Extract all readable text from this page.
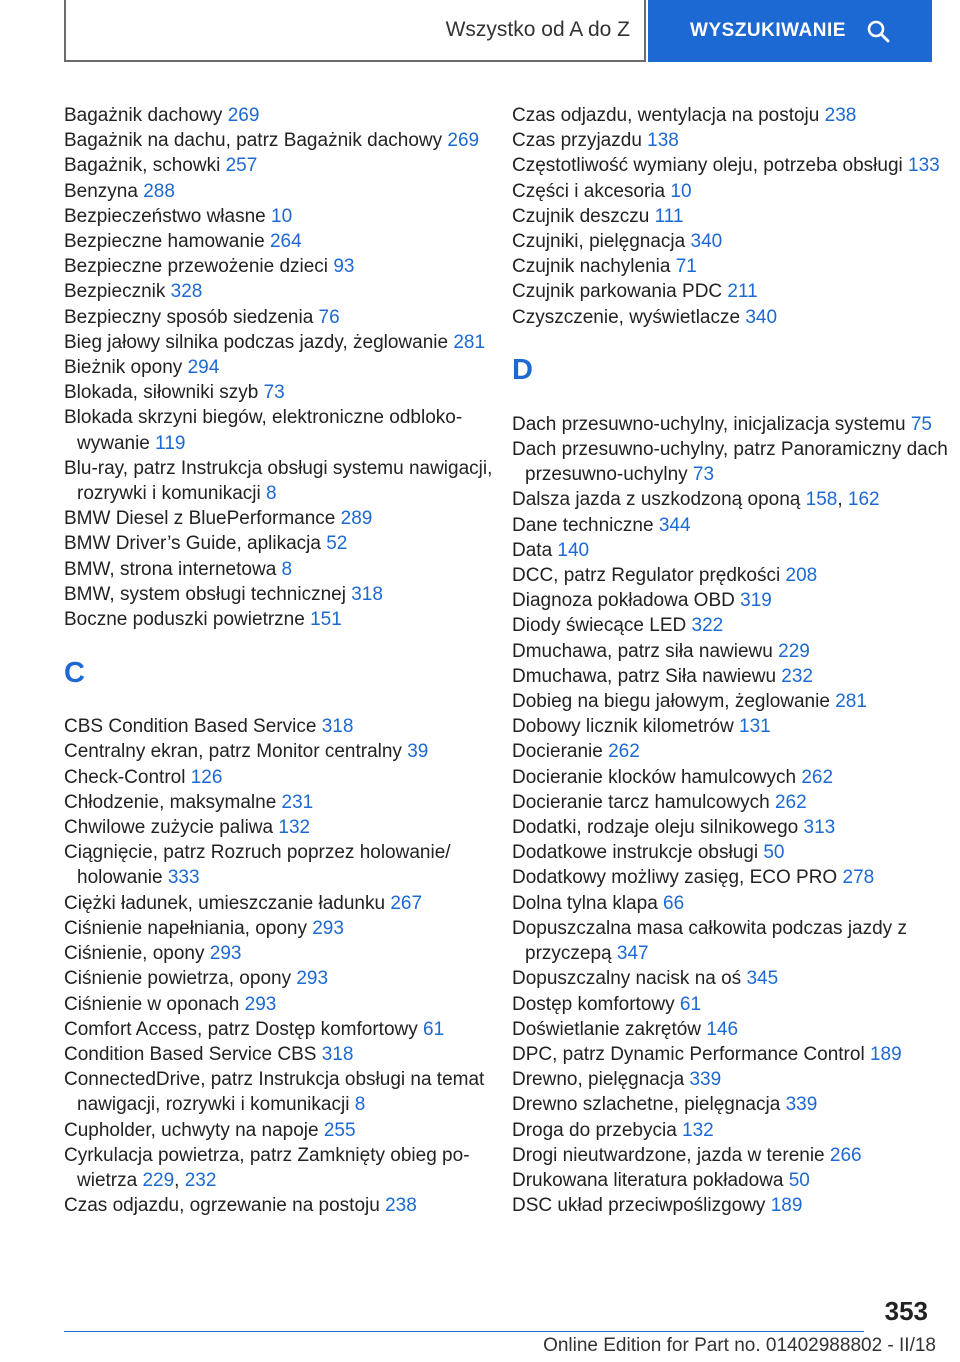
Wszystko od A do Z	WYSZUKIWANIE
Bagażnik dachowy 269
Bagażnik na dachu, patrz Bagażnik dachowy 269
Bagażnik, schowki 257
Benzyna 288
Bezpieczeństwo własne 10
Bezpieczne hamowanie 264
Bezpieczne przewożenie dzieci 93
Bezpiecznik 328
Bezpieczny sposób siedzenia 76
Bieg jałowy silnika podczas jazdy, żeglowanie 281
Bieżnik opony 294
Blokada, siłowniki szyb 73
Blokada skrzyni biegów, elektroniczne odblokowywanie 119
Blu-ray, patrz Instrukcja obsługi systemu nawigacji, rozrywki i komunikacji 8
BMW Diesel z BluePerformance 289
BMW Driver’s Guide, aplikacja 52
BMW, strona internetowa 8
BMW, system obsługi technicznej 318
Boczne poduszki powietrzne 151
C
CBS Condition Based Service 318
Centralny ekran, patrz Monitor centralny 39
Check-Control 126
Chłodzenie, maksymalne 231
Chwilowe zużycie paliwa 132
Ciągnięcie, patrz Rozruch poprzez holowanie/ holowanie 333
Ciężki ładunek, umieszczanie ładunku 267
Ciśnienie napełniania, opony 293
Ciśnienie, opony 293
Ciśnienie powietrza, opony 293
Ciśnienie w oponach 293
Comfort Access, patrz Dostęp komfortowy 61
Condition Based Service CBS 318
ConnectedDrive, patrz Instrukcja obsługi na temat nawigacji, rozrywki i komunikacji 8
Cupholder, uchwyty na napoje 255
Cyrkulacja powietrza, patrz Zamknięty obieg powietrza 229, 232
Czas odjazdu, ogrzewanie na postoju 238
Czas odjazdu, wentylacja na postoju 238
Czas przyjazdu 138
Częstotliwość wymiany oleju, potrzeba obsługi 133
Części i akcesoria 10
Czujnik deszczu 111
Czujniki, pielęgnacja 340
Czujnik nachylenia 71
Czujnik parkowania PDC 211
Czyszczenie, wyświetlacze 340
D
Dach przesuwno-uchylny, inicjalizacja systemu 75
Dach przesuwno-uchylny, patrz Panoramiczny dach przesuwno-uchylny 73
Dalsza jazda z uszkodzoną oponą 158, 162
Dane techniczne 344
Data 140
DCC, patrz Regulator prędkości 208
Diagnoza pokładowa OBD 319
Diody świecące LED 322
Dmuchawa, patrz siła nawiewu 229
Dmuchawa, patrz Siła nawiewu 232
Dobieg na biegu jałowym, żeglowanie 281
Dobowy licznik kilometrów 131
Docieranie 262
Docieranie klocków hamulcowych 262
Docieranie tarcz hamulcowych 262
Dodatki, rodzaje oleju silnikowego 313
Dodatkowe instrukcje obsługi 50
Dodatkowy możliwy zasięg, ECO PRO 278
Dolna tylna klapa 66
Dopuszczalna masa całkowita podczas jazdy z przyczepą 347
Dopuszczalny nacisk na oś 345
Dostęp komfortowy 61
Doświetlanie zakrętów 146
DPC, patrz Dynamic Performance Control 189
Drewno, pielęgnacja 339
Drewno szlachetne, pielęgnacja 339
Droga do przebycia 132
Drogi nieutwardzone, jazda w terenie 266
Drukowana literatura pokładowa 50
DSC układ przeciwpoślizgowy 189
353
Online Edition for Part no. 01402988802 - II/18
